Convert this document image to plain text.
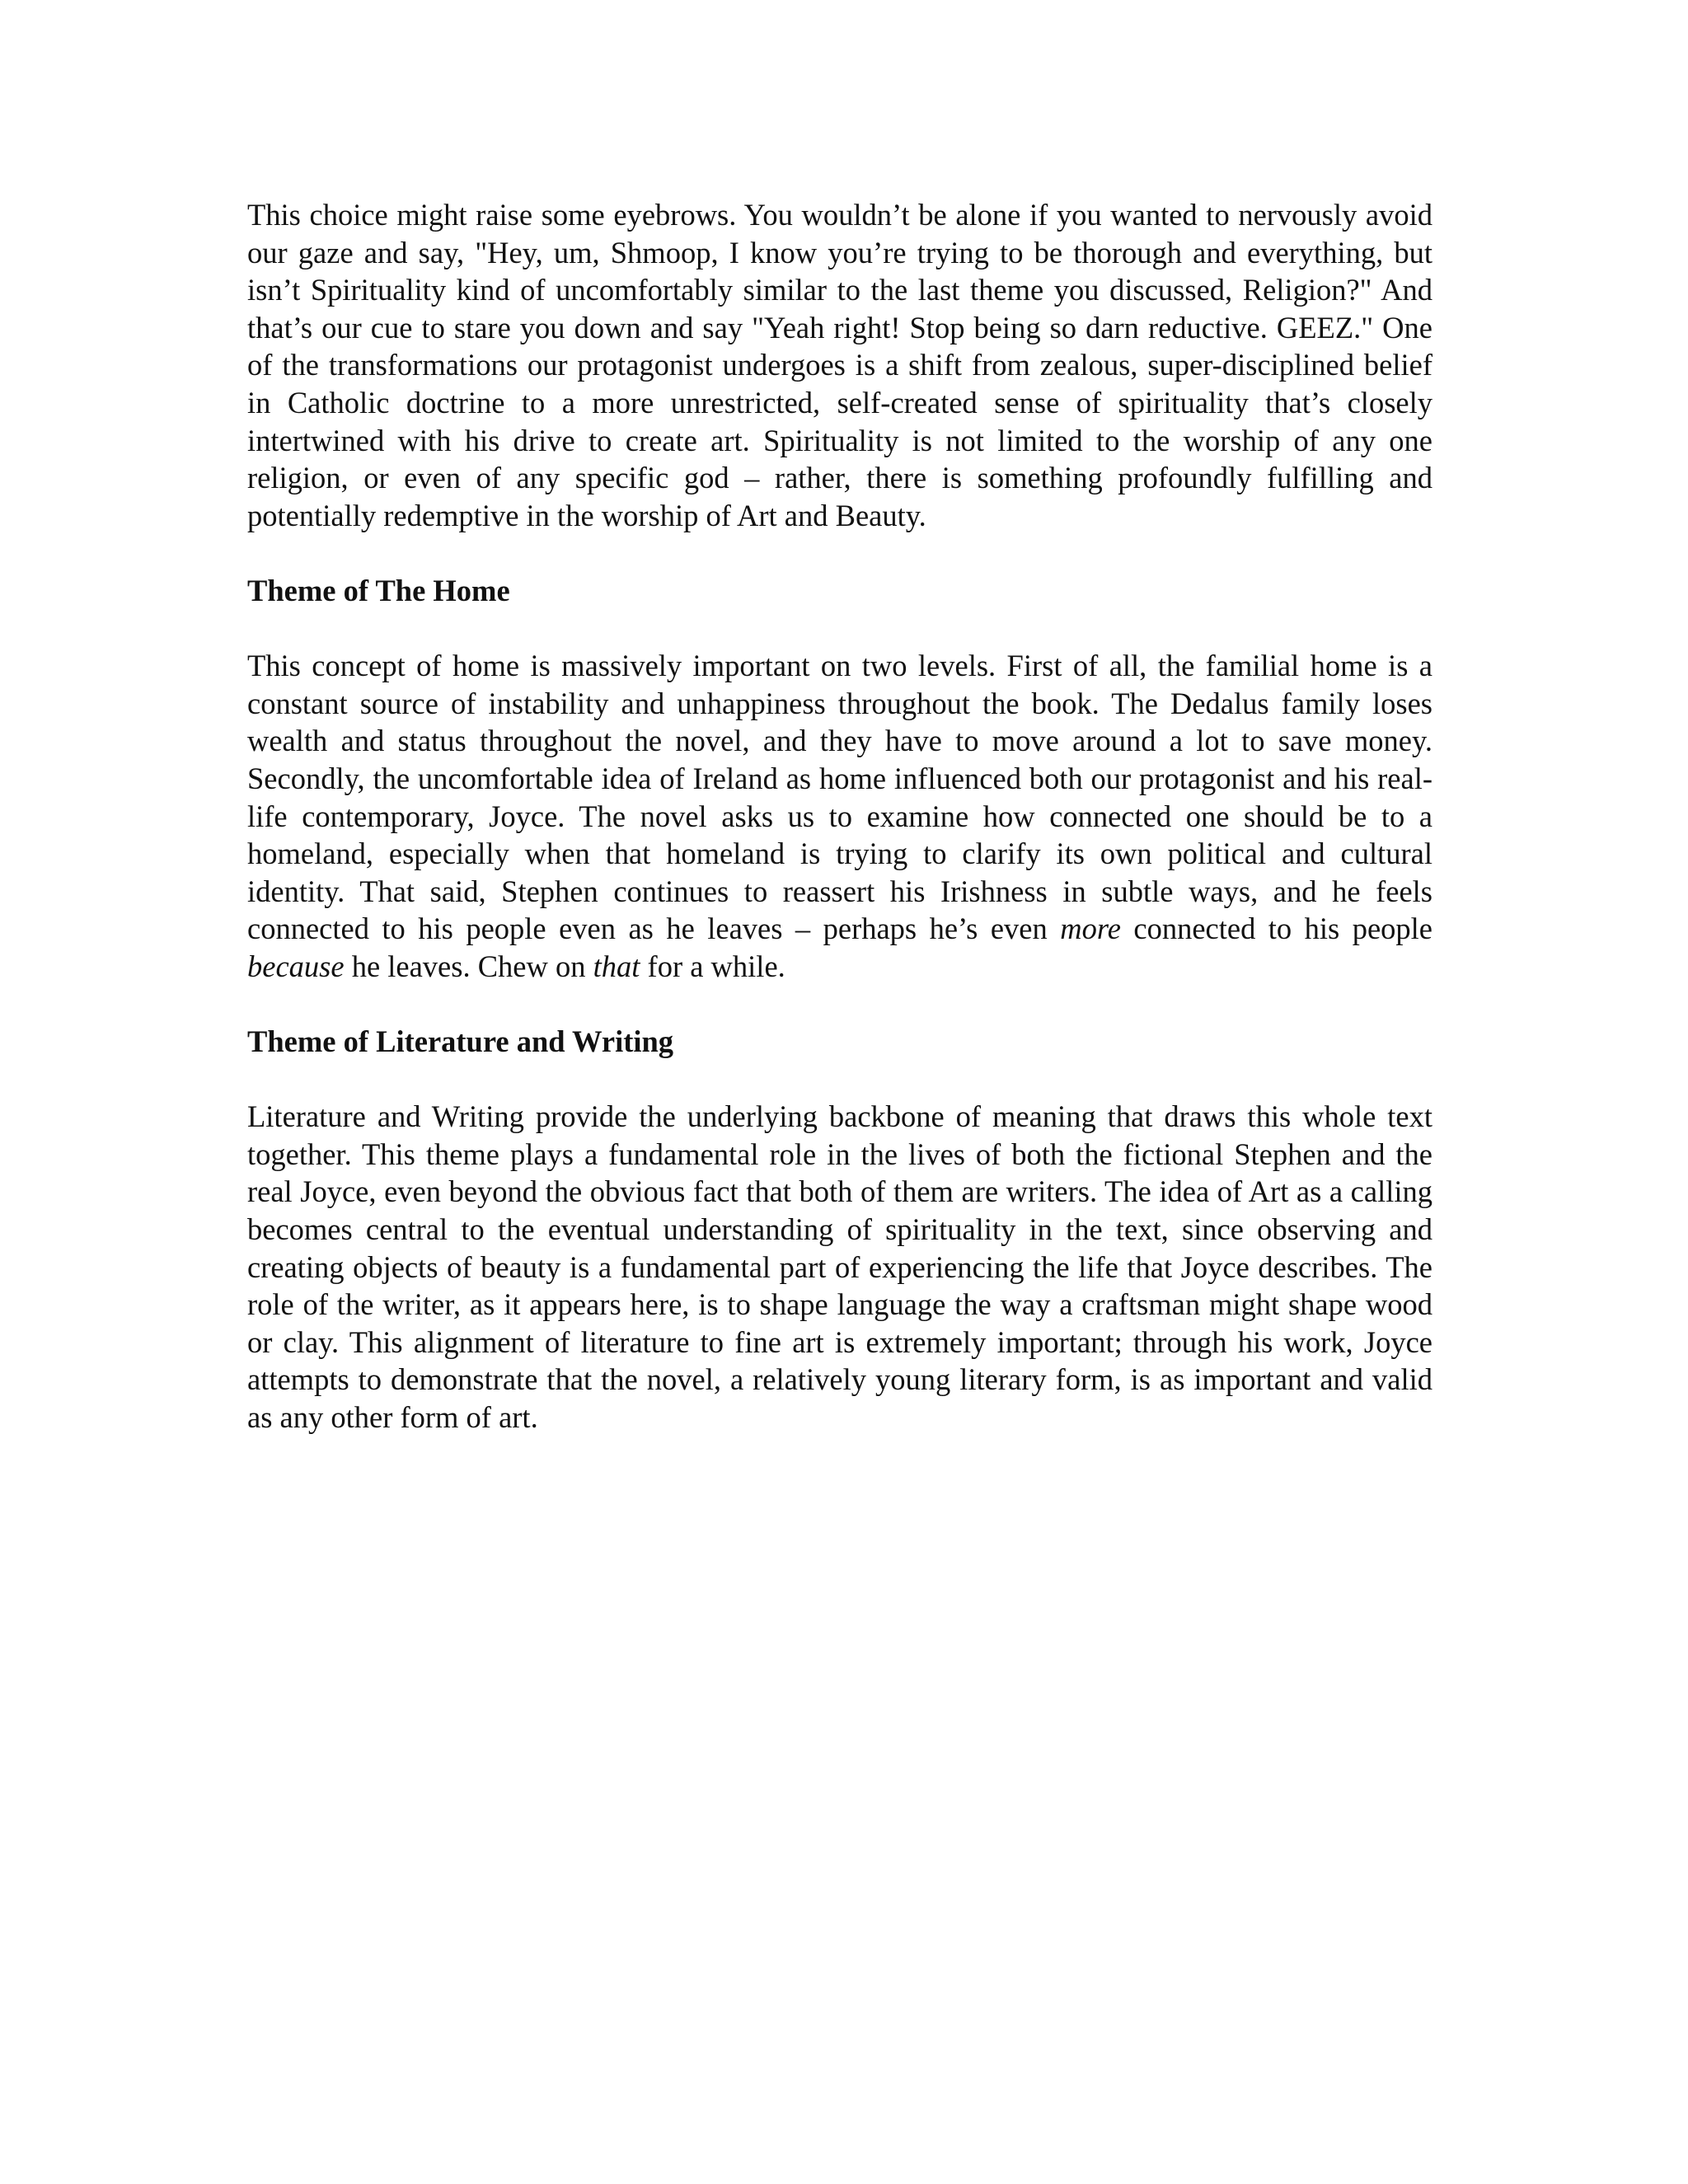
This choice might raise some eyebrows. You wouldn’t be alone if you wanted to nervously avoid our gaze and say, "Hey, um, Shmoop, I know you’re trying to be thorough and everything, but isn’t Spirituality kind of uncomfortably similar to the last theme you discussed, Religion?" And that’s our cue to stare you down and say "Yeah right! Stop being so darn reductive. GEEZ." One of the transformations our protagonist undergoes is a shift from zealous, super-disciplined belief in Catholic doctrine to a more unrestricted, self-created sense of spirituality that’s closely intertwined with his drive to create art. Spirituality is not limited to the worship of any one religion, or even of any specific god – rather, there is something profoundly fulfilling and potentially redemptive in the worship of Art and Beauty.

Theme of The Home

This concept of home is massively important on two levels. First of all, the familial home is a constant source of instability and unhappiness throughout the book. The Dedalus family loses wealth and status throughout the novel, and they have to move around a lot to save money. Secondly, the uncomfortable idea of Ireland as home influenced both our protagonist and his real-life contemporary, Joyce. The novel asks us to examine how connected one should be to a homeland, especially when that homeland is trying to clarify its own political and cultural identity. That said, Stephen continues to reassert his Irishness in subtle ways, and he feels connected to his people even as he leaves – perhaps he’s even more connected to his people because he leaves. Chew on that for a while.

Theme of Literature and Writing

Literature and Writing provide the underlying backbone of meaning that draws this whole text together. This theme plays a fundamental role in the lives of both the fictional Stephen and the real Joyce, even beyond the obvious fact that both of them are writers. The idea of Art as a calling becomes central to the eventual understanding of spirituality in the text, since observing and creating objects of beauty is a fundamental part of experiencing the life that Joyce describes. The role of the writer, as it appears here, is to shape language the way a craftsman might shape wood or clay. This alignment of literature to fine art is extremely important; through his work, Joyce attempts to demonstrate that the novel, a relatively young literary form, is as important and valid as any other form of art.
